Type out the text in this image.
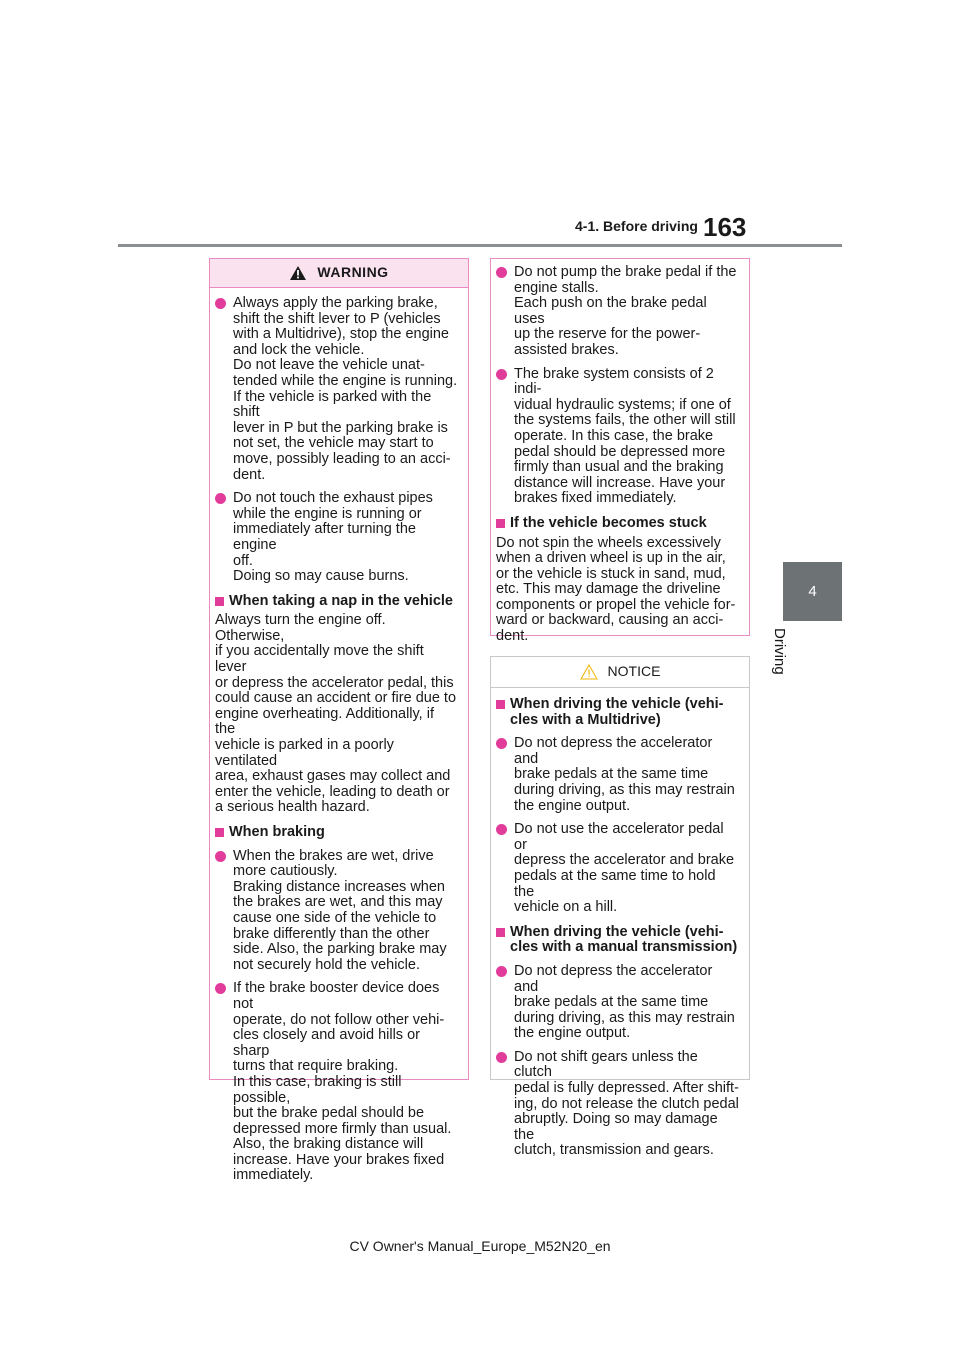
4-1. Before driving 163
4
Driving
WARNING

Always apply the parking brake,
shift the shift lever to P (vehicles
with a Multidrive), stop the engine
and lock the vehicle.
Do not leave the vehicle unat-
tended while the engine is running.
If the vehicle is parked with the shift
lever in P but the parking brake is
not set, the vehicle may start to
move, possibly leading to an acci-
dent.

Do not touch the exhaust pipes
while the engine is running or
immediately after turning the engine
off.
Doing so may cause burns.

When taking a nap in the vehicle

Always turn the engine off. Otherwise,
if you accidentally move the shift lever
or depress the accelerator pedal, this
could cause an accident or fire due to
engine overheating. Additionally, if the
vehicle is parked in a poorly ventilated
area, exhaust gases may collect and
enter the vehicle, leading to death or
a serious health hazard.

When braking

When the brakes are wet, drive
more cautiously.
Braking distance increases when
the brakes are wet, and this may
cause one side of the vehicle to
brake differently than the other
side. Also, the parking brake may
not securely hold the vehicle.

If the brake booster device does not
operate, do not follow other vehi-
cles closely and avoid hills or sharp
turns that require braking.
In this case, braking is still possible,
but the brake pedal should be
depressed more firmly than usual.
Also, the braking distance will
increase. Have your brakes fixed
immediately.

Do not pump the brake pedal if the
engine stalls.
Each push on the brake pedal uses
up the reserve for the power-
assisted brakes.

The brake system consists of 2 indi-
vidual hydraulic systems; if one of
the systems fails, the other will still
operate. In this case, the brake
pedal should be depressed more
firmly than usual and the braking
distance will increase. Have your
brakes fixed immediately.

If the vehicle becomes stuck

Do not spin the wheels excessively
when a driven wheel is up in the air,
or the vehicle is stuck in sand, mud,
etc. This may damage the driveline
components or propel the vehicle for-
ward or backward, causing an acci-
dent.

NOTICE
When driving the vehicle (vehi-
cles with a Multidrive)

Do not depress the accelerator and
brake pedals at the same time
during driving, as this may restrain
the engine output.

Do not use the accelerator pedal or
depress the accelerator and brake
pedals at the same time to hold the
vehicle on a hill.

When driving the vehicle (vehi-
cles with a manual transmission)

Do not depress the accelerator and
brake pedals at the same time
during driving, as this may restrain
the engine output.

Do not shift gears unless the clutch
pedal is fully depressed. After shift-
ing, do not release the clutch pedal
abruptly. Doing so may damage the
clutch, transmission and gears.

CV Owner's Manual_Europe_M52N20_en
